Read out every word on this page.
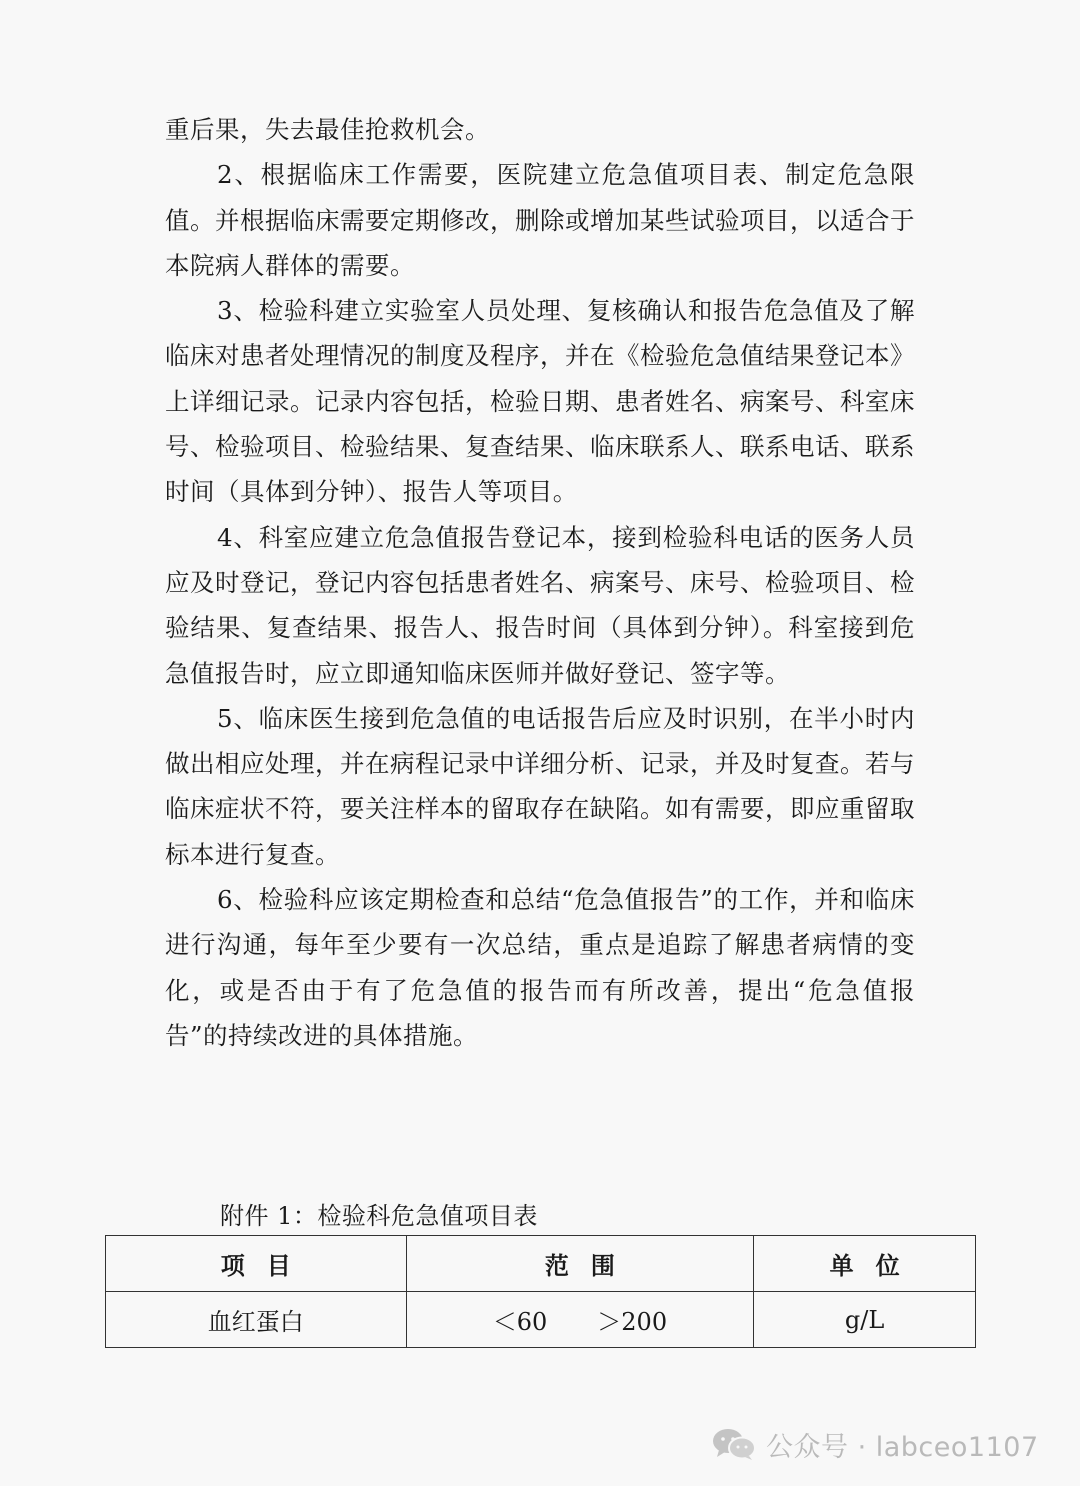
重后果，失去最佳抢救机会。

2、根据临床工作需要，医院建立危急值项目表、制定危急限值。并根据临床需要定期修改，删除或增加某些试验项目，以适合于本院病人群体的需要。

3、检验科建立实验室人员处理、复核确认和报告危急值及了解临床对患者处理情况的制度及程序，并在《检验危急值结果登记本》上详细记录。记录内容包括，检验日期、患者姓名、病案号、科室床号、检验项目、检验结果、复查结果、临床联系人、联系电话、联系时间（具体到分钟）、报告人等项目。

4、科室应建立危急值报告登记本，接到检验科电话的医务人员应及时登记，登记内容包括患者姓名、病案号、床号、检验项目、检验结果、复查结果、报告人、报告时间（具体到分钟）。科室接到危急值报告时，应立即通知临床医师并做好登记、签字等。

5、临床医生接到危急值的电话报告后应及时识别，在半小时内做出相应处理，并在病程记录中详细分析、记录，并及时复查。若与临床症状不符，要关注样本的留取存在缺陷。如有需要，即应重留取标本进行复查。

6、检验科应该定期检查和总结“危急值报告”的工作，并和临床进行沟通，每年至少要有一次总结，重点是追踪了解患者病情的变化，或是否由于有了危急值的报告而有所改善，提出“危急值报告”的持续改进的具体措施。

附件 1：检验科危急值项目表
项目	范围	单位
血红蛋白	＜60 ＞200	g/L
公众号 · labceo1107
